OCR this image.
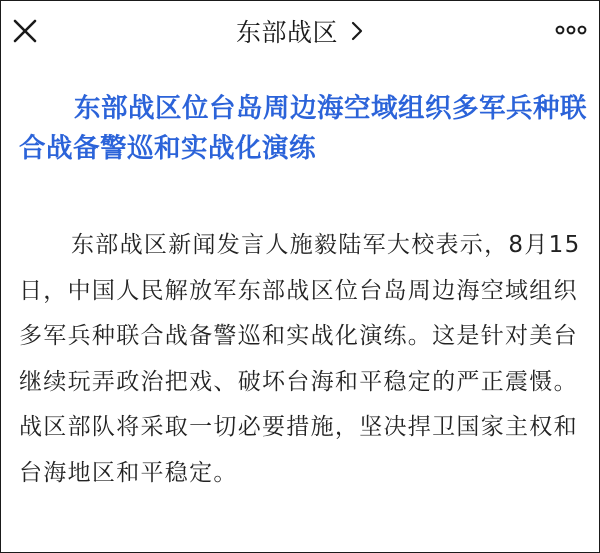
东部战区
东部战区位台岛周边海空域组织多军兵种联合战备警巡和实战化演练

东部战区新闻发言人施毅陆军大校表示，8月15日，中国人民解放军东部战区位台岛周边海空域组织多军兵种联合战备警巡和实战化演练。这是针对美台继续玩弄政治把戏、破坏台海和平稳定的严正震慑。战区部队将采取一切必要措施，坚决捍卫国家主权和台海地区和平稳定。
